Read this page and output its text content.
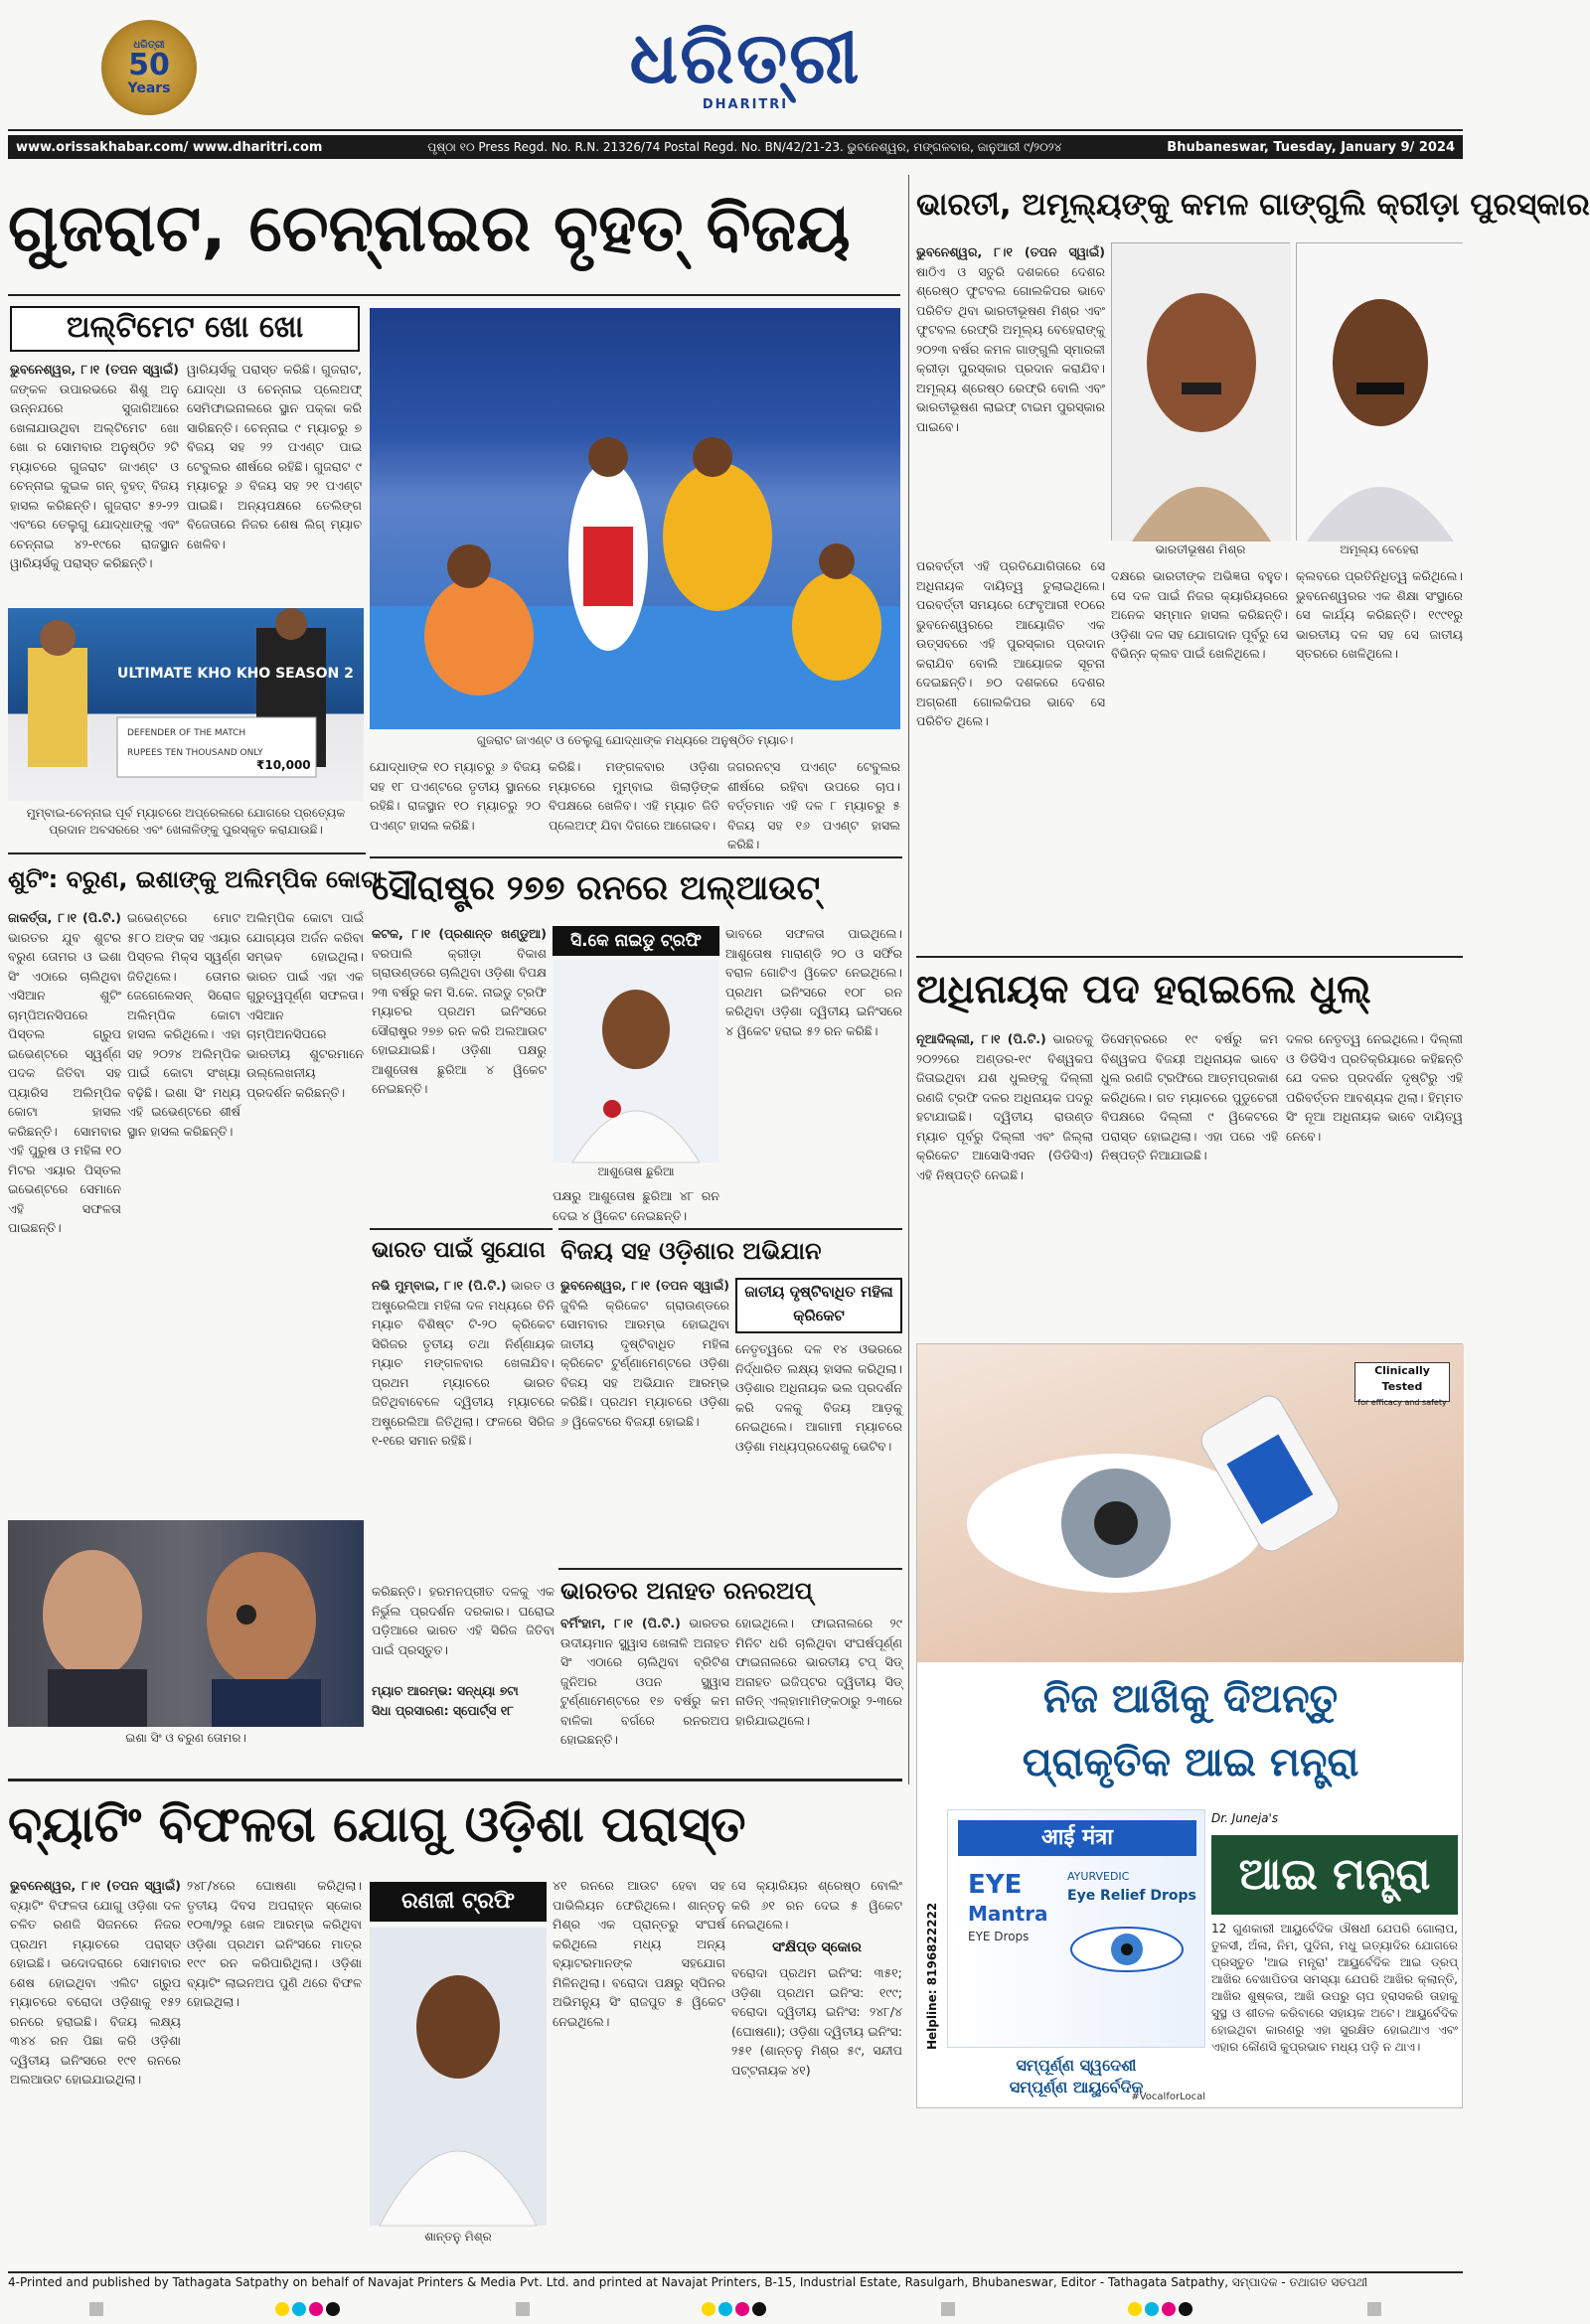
ଧରିତ୍ରୀ
50
Years	ଧରିତ୍ରୀ
DHARITRI
www.orissakhabar.com/ www.dharitri.com	ପୃଷ୍ଠା ୧୦ Press Regd. No. R.N. 21326/74 Postal Regd. No. BN/42/21-23. ଭୁବନେଶ୍ୱର, ମଙ୍ଗଳବାର, ଜାନୁଆରୀ ୯/୨୦୨୪	Bhubaneswar, Tuesday, January 9/ 2024
ଗୁଜରାଟ, ଚେନ୍ନାଇର ବୃହତ୍ ବିଜୟ
ଅଲ୍ଟିମେଟ ଖୋ ଖୋ
ଭୁବନେଶ୍ୱର, ୮।୧ (ତପନ ସ୍ୱାଇଁ) ଜଙ୍କଳ ଉପାରଭରେ ଶିଶୁ ଅନୁ ଉନ୍ନଯରେ ସୁଜାଗିଆରେ ଖେଳାଯାଉଥିବା ଅଲ୍ଟିମେଟ ଖୋ ଖୋ ର ସୋମବାର ଅନୁଷ୍ଠିତ ୨ଟି ମ୍ୟାଚରେ ଗୁଜରାଟ ଜାଏଣ୍ଟ ଓ ଚେନ୍ନାଇ କୁଇକ ଗନ୍ ବୃହତ୍ ବିଜୟ ହାସଲ କରିଛନ୍ତି। ଗୁଜରାଟ ୫୨-୨୨ ଏବଂରେ ତେଲୁଗୁ ଯୋଦ୍ଧାଙ୍କୁ ଏବଂ ଚେନ୍ନାଇ ୪୨-୧୯ରେ ରାଜସ୍ଥାନ ୱାରିୟର୍ସକୁ ପରାସ୍ତ କରିଛନ୍ତି।
ୱାରିୟର୍ସକୁ ପରାସ୍ତ କରିଛି। ଗୁଜରାଟ, ଯୋଦ୍ଧା ଓ ଚେନ୍ନାଇ ପ୍ଲେଅଫ୍ ସେମିଫାଇନାଲରେ ସ୍ଥାନ ପକ୍କା କରି ସାରିଛନ୍ତି। ଚେନ୍ନାଇ ୯ ମ୍ୟାଚରୁ ୭ ବିଜୟ ସହ ୨୨ ପଏଣ୍ଟ ପାଇ ଟେବୁଲର ଶୀର୍ଷରେ ରହିଛି। ଗୁଜରାଟ ୯ ମ୍ୟାଚରୁ ୬ ବିଜୟ ସହ ୨୧ ପଏଣ୍ଟ ପାଇଛି। ଅନ୍ୟପକ୍ଷରେ ତେଲିଙ୍ଗ ବିଜେତାରେ ନିଜର ଶେଷ ଲିଗ୍ ମ୍ୟାଚ ଖେଳିବ।
DEFENDER OF THE MATCH
RUPEES TEN THOUSAND ONLY
₹10,000
ULTIMATE KHO KHO SEASON 2
ମୁମ୍ବାଇ-ଚେନ୍ନାଇ ପୂର୍ବ ମ୍ୟାଚରେ ଅପ୍ରେଲରେ ଯୋଗରେ ପ୍ରତ୍ୟେକ ପ୍ରଦାନ ଅବସରରେ ଏବଂ ଖେଳାଳିଙ୍କୁ ପୁରସ୍କୃତ କରାଯାଉଛି।
ଗୁଜରାଟ ଜାଏଣ୍ଟ ଓ ତେଲୁଗୁ ଯୋଦ୍ଧାଙ୍କ ମଧ୍ୟରେ ଅନୁଷ୍ଠିତ ମ୍ୟାଚ।
ଯୋଦ୍ଧାଙ୍କ ୧୦ ମ୍ୟାଚରୁ ୬ ବିଜୟ ସହ ୧୮ ପଏଣ୍ଟରେ ତୃତୀୟ ସ୍ଥାନରେ ରହିଛି। ରାଜସ୍ଥାନ ୧୦ ମ୍ୟାଚରୁ ୨୦ ପଏଣ୍ଟ ହାସଲ କରିଛି।
କରିଛି। ମଙ୍ଗଳବାର ଓଡ଼ିଶା ମ୍ୟାଚରେ ମୁମ୍ବାଇ ଖିଲାଡ଼ିଙ୍କ ବିପକ୍ଷରେ ଖେଳିବ। ଏହି ମ୍ୟାଚ ଜିତି ପ୍ଲେଅଫ୍ ଯିବା ଦିଗରେ ଆଗେଇବ।
ଜଗରନଟ୍ସ ପଏଣ୍ଟ ଟେବୁଲର ଶୀର୍ଷରେ ରହିବା ଉପରେ ଚାପ। ବର୍ତ୍ତମାନ ଏହି ଦଳ ୮ ମ୍ୟାଚରୁ ୫ ବିଜୟ ସହ ୧୬ ପଏଣ୍ଟ ହାସଲ କରିଛି।
ଭାରତୀ, ଅମୂଲ୍ୟଙ୍କୁ କମଳ ଗାଙ୍ଗୁଲି କ୍ରୀଡ଼ା ପୁରସ୍କାର
ଭୁବନେଶ୍ୱର, ୮।୧ (ତପନ ସ୍ୱାଇଁ) ଷାଠିଏ ଓ ସତୁରି ଦଶକରେ ଦେଶର ଶ୍ରେଷ୍ଠ ଫୁଟବଲ ଗୋଲକିପର ଭାବେ ପରିଚିତ ଥିବା ଭାରତୀଭୂଷଣ ମିଶ୍ର ଏବଂ ଫୁଟବଲ ରେଫ୍ରି ଅମୂଲ୍ୟ ବେହେରାଙ୍କୁ ୨୦୨୩ ବର୍ଷର କମଳ ଗାଙ୍ଗୁଲି ସ୍ମାରକୀ କ୍ରୀଡ଼ା ପୁରସ୍କାର ପ୍ରଦାନ କରାଯିବ। ଅମୂଲ୍ୟ ଶ୍ରେଷ୍ଠ ରେଫ୍ରି ବୋଲି ଏବଂ ଭାରତୀଭୂଷଣ ଲାଇଫ୍ ଟାଇମ ପୁରସ୍କାର ପାଇବେ।
ଭାରତୀଭୂଷଣ ମିଶ୍ର	ଅମୂଲ୍ୟ ବେହେରା
ପରବର୍ତ୍ତୀ ଏହି ପ୍ରତିଯୋଗିତାରେ ସେ ଅଧିନାୟକ ଦାୟିତ୍ୱ ତୁଲାଇଥିଲେ। ପରବର୍ତ୍ତୀ ସମୟରେ ଫେବୃଆରୀ ୧୦ରେ ଭୁବନେଶ୍ୱରରେ ଆୟୋଜିତ ଏକ ଉତ୍ସବରେ ଏହି ପୁରସ୍କାର ପ୍ରଦାନ କରାଯିବ ବୋଲି ଆୟୋଜକ ସୂଚନା ଦେଇଛନ୍ତି। ୭୦ ଦଶକରେ ଦେଶର ଅଗ୍ରଣୀ ଗୋଲକିପର ଭାବେ ସେ ପରିଚିତ ଥିଲେ।
ଦକ୍ଷରେ ଭାରତୀଙ୍କ ଅଭିଜ୍ଞତା ବହୁତ। ସେ ଦଳ ପାଇଁ ନିଜର କ୍ୟାରିୟରରେ ଅନେକ ସମ୍ମାନ ହାସଲ କରିଛନ୍ତି। ଓଡ଼ିଶା ଦଳ ସହ ଯୋଗଦାନ ପୂର୍ବରୁ ସେ ବିଭିନ୍ନ କ୍ଲବ ପାଇଁ ଖେଳିଥିଲେ।
କ୍ଲବରେ ପ୍ରତିନିଧିତ୍ୱ କରିଥିଲେ। ଭୁବନେଶ୍ୱରର ଏକ ଶିକ୍ଷା ସଂସ୍ଥାରେ ସେ କାର୍ଯ୍ୟ କରିଛନ୍ତି। ୧୯୯୧ରୁ ଭାରତୀୟ ଦଳ ସହ ସେ ଜାତୀୟ ସ୍ତରରେ ଖେଳିଥିଲେ।
ଶୁଟିଂ: ବରୁଣ, ଇଶାଙ୍କୁ ଅଲିମ୍ପିକ କୋଟା
ଜାକର୍ତ୍ତା, ୮।୧ (ପି.ଟି.) ଭାରତର ଯୁବ ଶୁଟର ବରୁଣ ତୋମର ଓ ଇଶା ସିଂ ଏଠାରେ ଚାଲିଥିବା ଏସିଆନ ଶୁଟିଂ ଚାମ୍ପିଅନସିପରେ ପିସ୍ତଲ ଗ୍ରୁପ ଇଭେଣ୍ଟରେ ସ୍ୱର୍ଣ୍ଣ ପଦକ ଜିତିବା ସହ ପ୍ୟାରିସ ଅଲିମ୍ପିକ କୋଟା ହାସଲ କରିଛନ୍ତି। ସୋମବାର ଏହି ପୁରୁଷ ଓ ମହିଳା ୧୦ ମିଟର ଏୟାର ପିସ୍ତଲ ଇଭେଣ୍ଟରେ ସେମାନେ ଏହି ସଫଳତା ପାଇଛନ୍ତି।
ଇଭେଣ୍ଟରେ ମୋଟ ୫୮୦ ଅଙ୍କ ସହ ଏୟାର ପିସ୍ତଲ ମିକ୍ସ ସ୍ୱର୍ଣ୍ଣ ଜିତିଥିଲେ। ତୋମର ଜେଗେଲେସନ୍ ସିରୋଜ ଅଲିମ୍ପିକ କୋଟା ହାସଲ କରିଥିଲେ। ଏହା ସହ ୨୦୨୪ ଅଲିମ୍ପିକ ପାଇଁ କୋଟା ସଂଖ୍ୟା ବଢ଼ିଛି। ଇଶା ସିଂ ମଧ୍ୟ ଏହି ଇଭେଣ୍ଟରେ ଶୀର୍ଷ ସ୍ଥାନ ହାସଲ କରିଛନ୍ତି।
ଅଲିମ୍ପିକ କୋଟା ପାଇଁ ଯୋଗ୍ୟତା ଅର୍ଜନ କରିବା ସମ୍ଭବ ହୋଇଥିଲା। ଭାରତ ପାଇଁ ଏହା ଏକ ଗୁରୁତ୍ୱପୂର୍ଣ୍ଣ ସଫଳତା। ଏସିଆନ ଚାମ୍ପିଅନସିପରେ ଭାରତୀୟ ଶୁଟରମାନେ ଉଲ୍ଲେଖନୀୟ ପ୍ରଦର୍ଶନ କରିଛନ୍ତି।
ଇଶା ସିଂ ଓ ବରୁଣ ତୋମର।
ସୌରାଷ୍ଟ୍ର ୨୭୭ ରନରେ ଅଲ୍ଆଉଟ୍
କଟକ, ୮।୧ (ପ୍ରଶାନ୍ତ ଖଣ୍ଡୁଆ) ବରପାଲି କ୍ରୀଡ଼ା ବିକାଶ ଗ୍ରାଉଣ୍ଡରେ ଚାଲିଥିବା ଓଡ଼ିଶା ବିପକ୍ଷ ୨୩ ବର୍ଷରୁ କମ ସି.କେ. ନାଇଡୁ ଟ୍ରଫି ମ୍ୟାଚର ପ୍ରଥମ ଇନିଂସରେ ସୌରାଷ୍ଟ୍ର ୨୭୭ ରନ କରି ଅଲଆଉଟ ହୋଇଯାଇଛି। ଓଡ଼ିଶା ପକ୍ଷରୁ ଆଶୁତୋଷ ଛୁରିଆ ୪ ୱିକେଟ ନେଇଛନ୍ତି।
ସି.କେ ନାଇଡୁ ଟ୍ରଫି
ଆଶୁତୋଷ ଛୁରିଆ
ଭାବରେ ସଫଳତା ପାଇଥିଲେ। ଆଶୁତୋଷ ମାରାଣ୍ଡି ୨୦ ଓ ସର୍ଫିର ବରାଳ ଗୋଟିଏ ୱିକେଟ ନେଇଥିଲେ। ପ୍ରଥମ ଇନିଂସରେ ୧୦୮ ରନ କରିଥିବା ଓଡ଼ିଶା ଦ୍ୱିତୀୟ ଇନିଂସରେ ୪ ୱିକେଟ ହରାଇ ୫୨ ରନ କରିଛି।
ପକ୍ଷରୁ ଆଶୁତୋଷ ଛୁରିଆ ୪୮ ରନ ଦେଇ ୪ ୱିକେଟ ନେଇଛନ୍ତି।
ଭାରତ ପାଇଁ ସୁଯୋଗ
ନଭି ମୁମ୍ବାଇ, ୮।୧ (ପି.ଟି.) ଭାରତ ଓ ଅଷ୍ଟ୍ରେଲିଆ ମହିଳା ଦଳ ମଧ୍ୟରେ ତିନି ମ୍ୟାଚ ବିଶିଷ୍ଟ ଟି-୨୦ କ୍ରିକେଟ ସିରିଜର ତୃତୀୟ ତଥା ନିର୍ଣ୍ଣାୟକ ମ୍ୟାଚ ମଙ୍ଗଳବାର ଖେଳାଯିବ। ପ୍ରଥମ ମ୍ୟାଚରେ ଭାରତ ଜିତିଥିବାବେଳେ ଦ୍ୱିତୀୟ ମ୍ୟାଚରେ ଅଷ୍ଟ୍ରେଲିଆ ଜିତିଥିଲା। ଫଳରେ ସିରିଜ ୧-୧ରେ ସମାନ ରହିଛି।
କରିଛନ୍ତି। ହରମନପ୍ରୀତ ଦଳକୁ ଏକ ନିର୍ଭୁଲ ପ୍ରଦର୍ଶନ ଦରକାର। ଘରୋଇ ପଡ଼ିଆରେ ଭାରତ ଏହି ସିରିଜ ଜିତିବା ପାଇଁ ପ୍ରସ୍ତୁତ।
ମ୍ୟାଚ ଆରମ୍ଭ: ସନ୍ଧ୍ୟା ୭ଟା
ସିଧା ପ୍ରସାରଣ: ସ୍ପୋର୍ଟ୍ସ ୧୮
ବିଜୟ ସହ ଓଡ଼ିଶାର ଅଭିଯାନ
ଭୁବନେଶ୍ୱର, ୮।୧ (ତପନ ସ୍ୱାଇଁ) ଜୁବିଲି କ୍ରିକେଟ ଗ୍ରାଉଣ୍ଡରେ ସୋମବାର ଆରମ୍ଭ ହୋଇଥିବା ଜାତୀୟ ଦୃଷ୍ଟିବାଧିତ ମହିଳା କ୍ରିକେଟ ଟୁର୍ଣ୍ଣାମେଣ୍ଟରେ ଓଡ଼ିଶା ବିଜୟ ସହ ଅଭିଯାନ ଆରମ୍ଭ କରିଛି। ପ୍ରଥମ ମ୍ୟାଚରେ ଓଡ଼ିଶା ୬ ୱିକେଟରେ ବିଜୟୀ ହୋଇଛି।
ଜାତୀୟ ଦୃଷ୍ଟିବାଧିତ ମହିଳା କ୍ରିକେଟ
ନେତୃତ୍ୱରେ ଦଳ ୧୪ ଓଭରରେ ନିର୍ଦ୍ଧାରିତ ଲକ୍ଷ୍ୟ ହାସଲ କରିଥିଲା। ଓଡ଼ିଶାର ଅଧିନାୟକ ଭଲ ପ୍ରଦର୍ଶନ କରି ଦଳକୁ ବିଜୟ ଆଡ଼କୁ ନେଇଥିଲେ। ଆଗାମୀ ମ୍ୟାଚରେ ଓଡ଼ିଶା ମଧ୍ୟପ୍ରଦେଶକୁ ଭେଟିବ।
ଭାରତର ଅନାହତ ରନରଅପ୍
ବର୍ମିଂହାମ, ୮।୧ (ପି.ଟି.) ଭାରତର ଉଦୀୟମାନ ସ୍କ୍ୱାସ ଖେଳାଳି ଅନାହତ ସିଂ ଏଠାରେ ଚାଲିଥିବା ବ୍ରିଟିଶ ଜୁନିଅର ଓପନ ସ୍କ୍ୱାସ ଟୁର୍ଣ୍ଣାମେଣ୍ଟରେ ୧୭ ବର୍ଷରୁ କମ ବାଳିକା ବର୍ଗରେ ରନରଅପ ହୋଇଛନ୍ତି।
ହୋଇଥିଲେ। ଫାଇନାଲରେ ୨୯ ମିନିଟ ଧରି ଚାଲିଥିବା ସଂଘର୍ଷପୂର୍ଣ୍ଣ ଫାଇନାଲରେ ଭାରତୀୟ ଟପ୍ ସିଡ୍ ଅନାହତ ଇଜିପ୍ଟର ଦ୍ୱିତୀୟ ସିଡ୍ ନାଡିନ୍ ଏଲ୍‌ହାମାମିଙ୍କଠାରୁ ୨-୩ରେ ହାରିଯାଇଥିଲେ।
ଅଧିନାୟକ ପଦ ହରାଇଲେ ଧୁଲ୍
ନୂଆଦିଲ୍ଲୀ, ୮।୧ (ପି.ଟି.) ଭାରତକୁ ୨୦୨୨ରେ ଅଣ୍ଡର-୧୯ ବିଶ୍ୱକପ ଜିତାଇଥିବା ଯଶ ଧୁଲଙ୍କୁ ଦିଲ୍ଲୀ ରଣଜି ଟ୍ରଫି ଦଳର ଅଧିନାୟକ ପଦରୁ ହଟାଯାଇଛି। ଦ୍ୱିତୀୟ ରାଉଣ୍ଡ ମ୍ୟାଚ ପୂର୍ବରୁ ଦିଲ୍ଲୀ ଏବଂ ଜିଲ୍ଲା କ୍ରିକେଟ ଆସୋସିଏସନ (ଡିଡିସିଏ) ଏହି ନିଷ୍ପତ୍ତି ନେଇଛି।
ଡିସେମ୍ବରରେ ୧୯ ବର୍ଷରୁ କମ ବିଶ୍ୱକପ ବିଜୟୀ ଅଧିନାୟକ ଭାବେ ଧୁଲ ରଣଜି ଟ୍ରଫିରେ ଆତ୍ମପ୍ରକାଶ କରିଥିଲେ। ଗତ ମ୍ୟାଚରେ ପୁଡୁଚେରୀ ବିପକ୍ଷରେ ଦିଲ୍ଲୀ ୯ ୱିକେଟରେ ପରାସ୍ତ ହୋଇଥିଲା। ଏହା ପରେ ଏହି ନିଷ୍ପତ୍ତି ନିଆଯାଇଛି।
ଦଳର ନେତୃତ୍ୱ ନେଇଥିଲେ। ଦିଲ୍ଲୀ ଓ ଡିଡିସିଏ ପ୍ରତିକ୍ରିୟାରେ କହିଛନ୍ତି ଯେ ଦଳର ପ୍ରଦର୍ଶନ ଦୃଷ୍ଟିରୁ ଏହି ପରିବର୍ତ୍ତନ ଆବଶ୍ୟକ ଥିଲା। ହିମ୍ମତ ସିଂ ନୂଆ ଅଧିନାୟକ ଭାବେ ଦାୟିତ୍ୱ ନେବେ।
Clinically Tested
for efficacy and safety
ନିଜ ଆଖିକୁ ଦିଅନ୍ତୁ
ପ୍ରାକୃତିକ ଆଇ ମନ୍ତ୍ରା
Helpline: 8196822222
आई मंत्रा
EYE
Mantra
EYE Drops
AYURVEDIC
Eye Relief Drops
Dr. Juneja's
ଆଇ ମନ୍ତ୍ରା
12 ଗୁଣକାରୀ ଆୟୁର୍ବେଦିକ ଔଷଧୀ ଯେପରି ଗୋଲାପ, ତୁଳସୀ, ଅଁଳା, ନିମ, ପୁଦିନା, ମଧୁ ଇତ୍ୟାଦିର ଯୋଗରେ ପ୍ରସ୍ତୁତ 'ଆଇ ମନ୍ତ୍ରା' ଆୟୁର୍ବେଦିକ ଆଇ ଡ୍ରପ୍ ଆଖିର ବେଖାପିତତା ସମସ୍ୟା ଯେପରି ଆଖିର କ୍ଲାନ୍ତି, ଆଖିର ଶୁଷ୍କତା, ଆଖି ଉପରୁ ଚାପ ହ୍ରାସକରି ତାହାକୁ ସୁସ୍ଥ ଓ ଶୀତଳ କରିବାରେ ସହାୟକ ଅଟେ। ଆୟୁର୍ବେଦିକ ହୋଇଥିବା କାରଣରୁ ଏହା ସୁରକ୍ଷିତ ହୋଇଥାଏ ଏବଂ ଏହାର କୌଣସି କୁପ୍ରଭାବ ମଧ୍ୟ ପଡ଼ି ନ ଥାଏ।
ସମ୍ପୂର୍ଣ୍ଣ ସ୍ୱଦେଶୀ
ସମ୍ପୂର୍ଣ୍ଣ ଆୟୁର୍ବେଦିକ
#VocalforLocal
ବ୍ୟାଟିଂ ବିଫଳତା ଯୋଗୁ ଓଡ଼ିଶା ପରାସ୍ତ
ଭୁବନେଶ୍ୱର, ୮।୧ (ତପନ ସ୍ୱାଇଁ) ବ୍ୟାଟିଂ ବିଫଳତା ଯୋଗୁ ଓଡ଼ିଶା ଦଳ ଚଳିତ ରଣଜି ସିଜନରେ ନିଜର ପ୍ରଥମ ମ୍ୟାଚରେ ପରାସ୍ତ ହୋଇଛି। ଭଦୋଦରାରେ ସୋମବାର ଶେଷ ହୋଇଥିବା ଏଲିଟ ଗ୍ରୁପ ମ୍ୟାଚରେ ବରୋଦା ଓଡ଼ିଶାକୁ ୧୫୨ ରନରେ ହରାଇଛି। ବିଜୟ ଲକ୍ଷ୍ୟ ୩୪୪ ରନ ପିଛା କରି ଓଡ଼ିଶା ଦ୍ୱିତୀୟ ଇନିଂସରେ ୧୯୧ ରନରେ ଅଲଆଉଟ ହୋଇଯାଇଥିଲା।
୨୪୮/୪ରେ ଘୋଷଣା କରିଥିଲା। ତୃତୀୟ ଦିବସ ଅପରାହ୍ନ ସ୍କୋର ୧୦୩/୨ରୁ ଖେଳ ଆରମ୍ଭ କରିଥିବା ଓଡ଼ିଶା ପ୍ରଥମ ଇନିଂସରେ ମାତ୍ର ୧୯୯ ରନ କରିପାରିଥିଲା। ଓଡ଼ିଶା ବ୍ୟାଟିଂ ଲାଇନଅପ ପୁଣି ଥରେ ବିଫଳ ହୋଇଥିଲା।
ରଣଜୀ ଟ୍ରଫି
ଶାନ୍ତନୁ ମିଶ୍ର
୪୧ ରନରେ ଆଉଟ ହେବା ସହ ପାଭିଲିୟନ ଫେରିଥିଲେ। ଶାନ୍ତନୁ ମିଶ୍ର ଏକ ପ୍ରାନ୍ତରୁ ସଂଘର୍ଷ କରିଥିଲେ ମଧ୍ୟ ଅନ୍ୟ ବ୍ୟାଟରମାନଙ୍କ ସହଯୋଗ ମିଳିନଥିଲା। ବରୋଦା ପକ୍ଷରୁ ସ୍ପିନର ଅଭିମନ୍ୟୁ ସିଂ ରାଜପୁତ ୫ ୱିକେଟ ନେଇଥିଲେ।
ସେ କ୍ୟାରିୟର ଶ୍ରେଷ୍ଠ ବୋଲିଂ କରି ୬୧ ରନ ଦେଇ ୫ ୱିକେଟ ନେଇଥିଲେ।
ସଂକ୍ଷିପ୍ତ ସ୍କୋର
ବରୋଦା ପ୍ରଥମ ଇନିଂସ: ୩୫୧; ଓଡ଼ିଶା ପ୍ରଥମ ଇନିଂସ: ୧୯୯; ବରୋଦା ଦ୍ୱିତୀୟ ଇନିଂସ: ୨୪୮/୪ (ଘୋଷଣା); ଓଡ଼ିଶା ଦ୍ୱିତୀୟ ଇନିଂସ: ୨୫୧ (ଶାନ୍ତନୁ ମିଶ୍ର ୫୯, ସନ୍ଦୀପ ପଟ୍ଟନାୟକ ୪୧)
4-Printed and published by Tathagata Satpathy on behalf of Navajat Printers & Media Pvt. Ltd. and printed at Navajat Printers, B-15, Industrial Estate, Rasulgarh, Bhubaneswar, Editor - Tathagata Satpathy, ସମ୍ପାଦକ - ତଥାଗତ ସତପଥୀ
